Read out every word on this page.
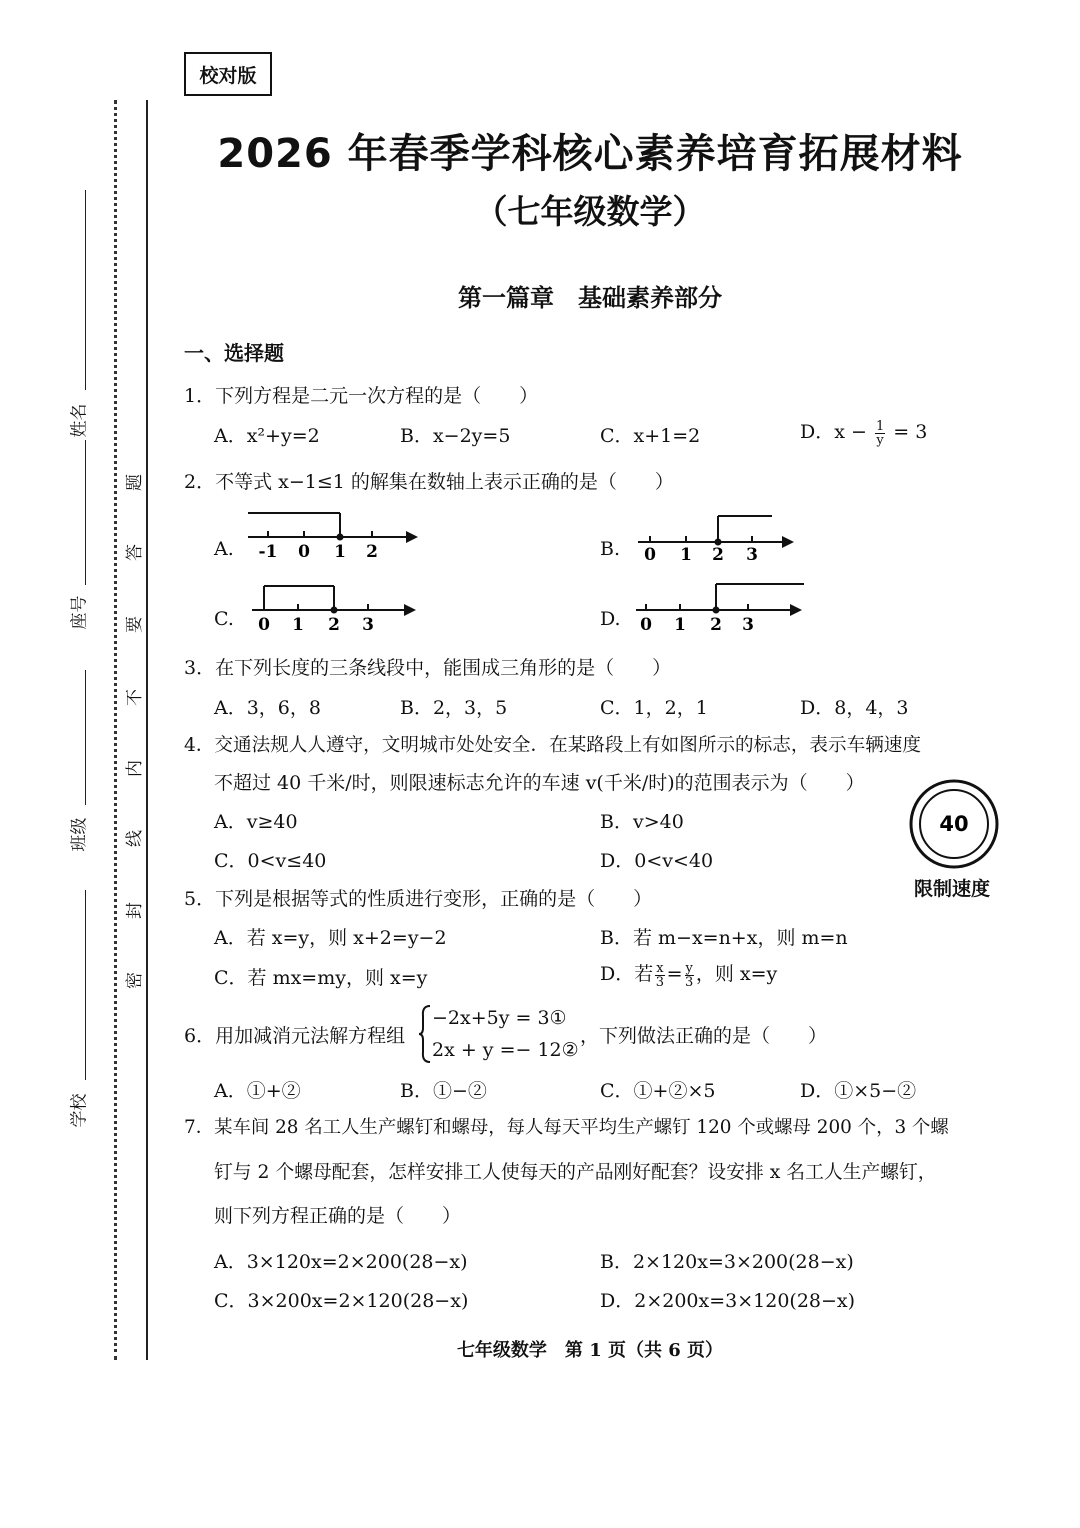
姓名
座号
班级
学校
题
答
要
不
内
线
封
密
校对版
2026 年春季学科核心素养培育拓展材料
（七年级数学）
第一篇章　基础素养部分
一、选择题
1．下列方程是二元一次方程的是（　　）
A．x²+y=2	B．x−2y=5	C．x+1=2	D．$x - \frac{1}{y} = 3$
2．不等式 x−1≤1 的解集在数轴上表示正确的是（　　）
A. -1 0 1 2	B. 0 1 2 3
C. 0 1 2 3	D. 0 1 2 3
3．在下列长度的三条线段中，能围成三角形的是（　　）
A．3，6，8	B．2，3，5	C．1，2，1	D．8，4，3
4．交通法规人人遵守，文明城市处处安全．在某路段上有如图所示的标志，表示车辆速度
不超过 40 千米/时，则限速标志允许的车速 v(千米/时)的范围表示为（　　）
A．v≥40	B．v>40
C．0<v≤40	D．0<v<40
40
限制速度
5．下列是根据等式的性质进行变形，正确的是（　　）
A．若 x=y，则 x+2=y−2	B．若 m−x=n+x，则 m=n
C．若 mx=my，则 x=y	D．若 $\frac{x}{3} = \frac{y}{3}$ ，则 x=y
6．用加减消元法解方程组
−2x+5y = 3①
2x + y =− 12②
，下列做法正确的是（　　）
A．①+②	B．①−②	C．①+②×5	D．①×5−②
7．某车间 28 名工人生产螺钉和螺母，每人每天平均生产螺钉 120 个或螺母 200 个，3 个螺
钉与 2 个螺母配套，怎样安排工人使每天的产品刚好配套？设安排 x 名工人生产螺钉，
则下列方程正确的是（　　）
A．3×120x=2×200(28−x)	B．2×120x=3×200(28−x)
C．3×200x=2×120(28−x)	D．2×200x=3×120(28−x)
七年级数学　第 1 页（共 6 页）
